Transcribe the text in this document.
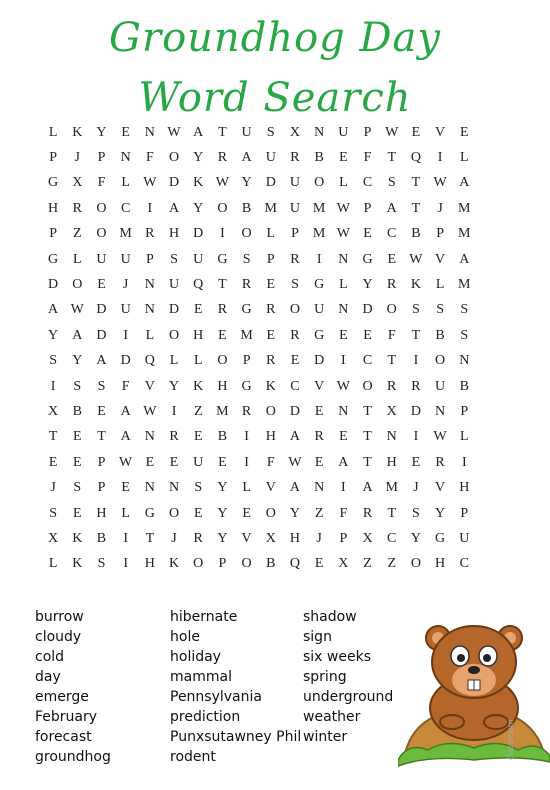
Groundhog Day
Word Search
L	K	Y	E	N W A	T	U	S	X	N	U	P W E	V	E
P	J	P	N	F	O	Y	R	A	U	R	B	E	F	T	Q	I	L
G	X	F	L W D	K W Y	D	U	O	L	C	S	T W A
H	R	O	C	I	A	Y	O	B M U M W P	A	T	J	M
P	Z	O M R	H	D	I	O	L	P	M W E	C	B	P	M
G	L	U	U	P	S	U	G	S	P	R	I	N	G	E W V	A
D	O	E	J	N	U	Q	T	R	E	S	G	L	Y	R	K	L M
A W D	U	N	D	E	R	G	R	O	U	N	D	O	S	S	S
Y	A	D	I	L	O	H	E M E	R	G	E	E	F	T	B	S
S	Y	A	D	Q	L	L	O	P	R	E	D	I	C	T	I	O	N
I	S	S	F	V	Y	K	H	G	K	C	V W O	R	R	U	B
X	B	E	A W	I	Z M R	O	D	E	N	T	X	D	N	P
T	E	T	A	N	R	E	B	I	H	A	R	E	T	N	I	W L
E	E	P W E	E	U	E	I	F W E	A	T	H	E	R	I
J	S	P	E	N	N	S	Y	L	V	A	N	I	A M	J	V	H
S	E	H	L	G	O	E	Y	E	O	Y	Z	F	R	T	S	Y	P
X	K	B	I	T	J	R	Y	V	X	H	J	P	X	C	Y	G	U
L	K	S	I	H	K	O	P	O	B	Q	E	X	Z	Z	O	H	C
burrow
cloudy
cold
day
emerge
February
forecast
groundhog
hibernate
hole
holiday
mammal
Pennsylvania
prediction
Punxsutawney Phil
rodent
shadow
sign
six weeks
spring
underground
weather
winter	classroom
